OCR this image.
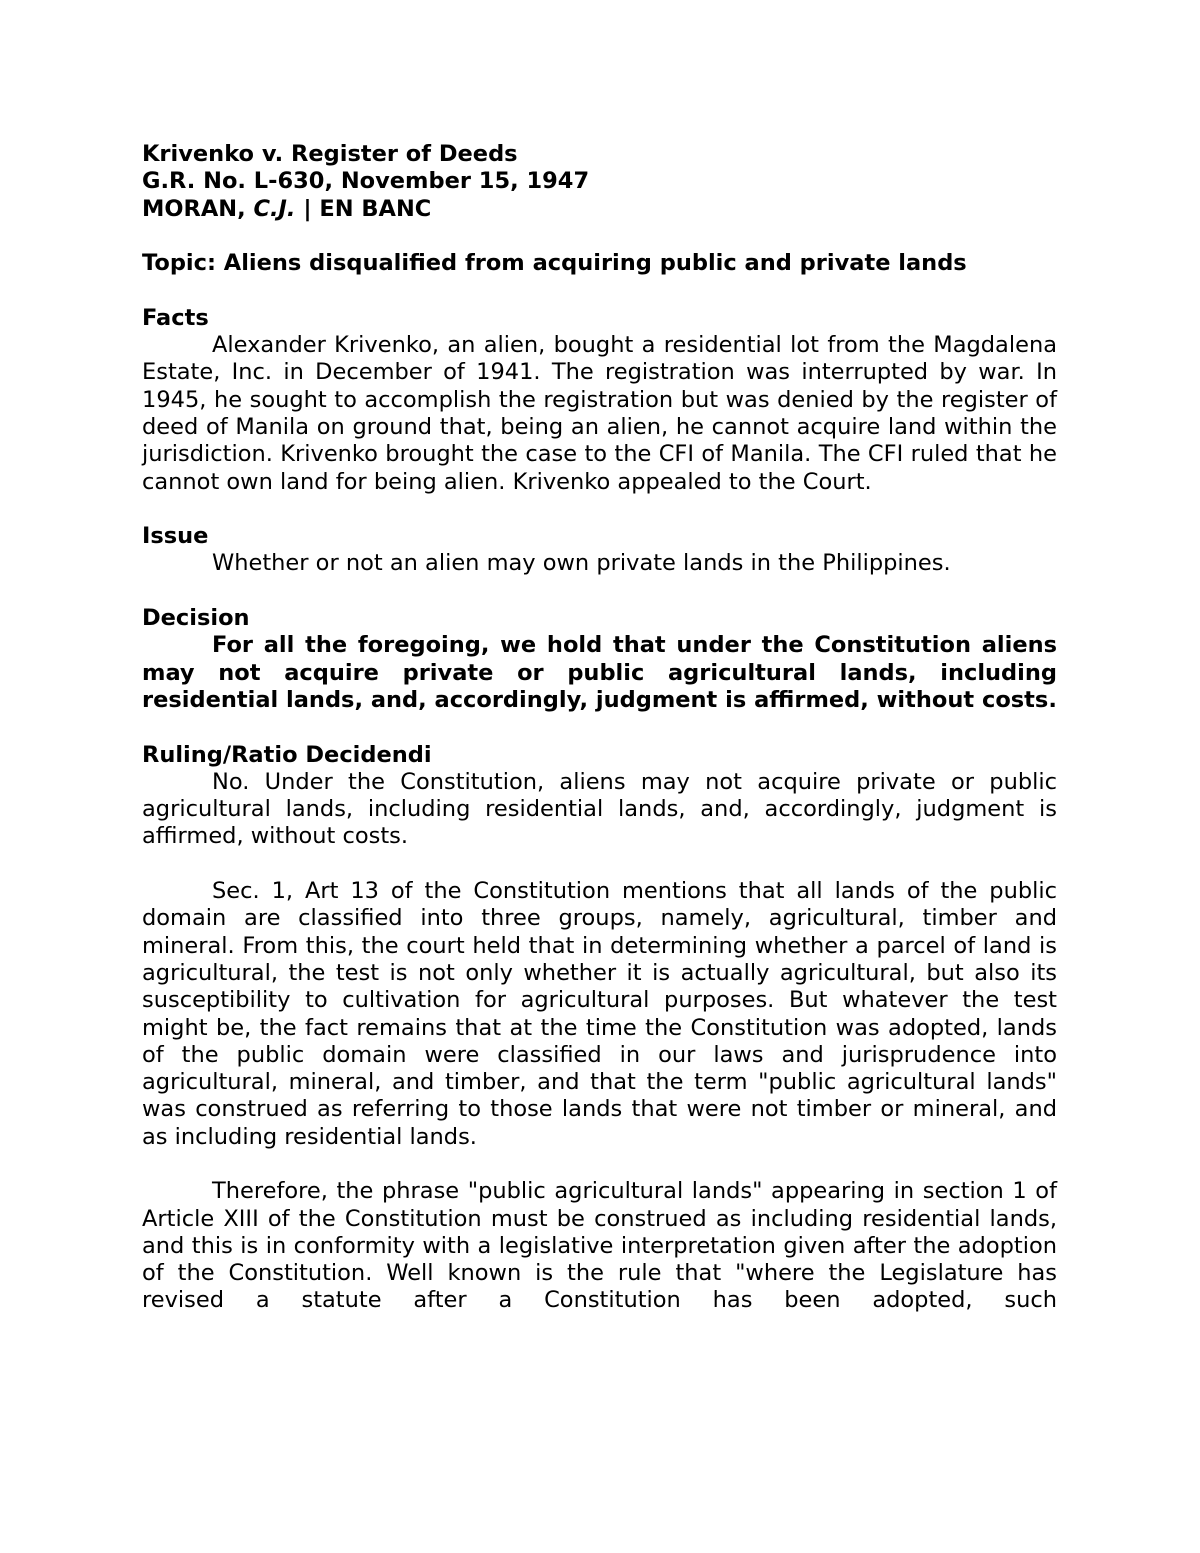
Krivenko v. Register of Deeds
G.R. No. L-630, November 15, 1947
MORAN, C.J. | EN BANC
Topic: Aliens disqualified from acquiring public and private lands
Facts

Alexander Krivenko, an alien, bought a residential lot from the Magdalena Estate, Inc. in December of 1941. The registration was interrupted by war. In 1945, he sought to accomplish the registration but was denied by the register of deed of Manila on ground that, being an alien, he cannot acquire land within the jurisdiction. Krivenko brought the case to the CFI of Manila. The CFI ruled that he cannot own land for being alien. Krivenko appealed to the Court.

Issue

Whether or not an alien may own private lands in the Philippines.

Decision

For all the foregoing, we hold that under the Constitution aliens may not acquire private or public agricultural lands, including residential lands, and, accordingly, judgment is affirmed, without costs.

Ruling/Ratio Decidendi

No. Under the Constitution, aliens may not acquire private or public agricultural lands, including residential lands, and, accordingly, judgment is affirmed, without costs.

Sec. 1, Art 13 of the Constitution mentions that all lands of the public domain are classified into three groups, namely, agricultural, timber and mineral. From this, the court held that in determining whether a parcel of land is agricultural, the test is not only whether it is actually agricultural, but also its susceptibility to cultivation for agricultural purposes. But whatever the test might be, the fact remains that at the time the Constitution was adopted, lands of the public domain were classified in our laws and jurisprudence into agricultural, mineral, and timber, and that the term "public agricultural lands" was construed as referring to those lands that were not timber or mineral, and as including residential lands.

Therefore, the phrase "public agricultural lands" appearing in section 1 of Article XIII of the Constitution must be construed as including residential lands, and this is in conformity with a legislative interpretation given after the adoption of the Constitution. Well known is the rule that "where the Legislature has revised a statute after a Constitution has been adopted, such
